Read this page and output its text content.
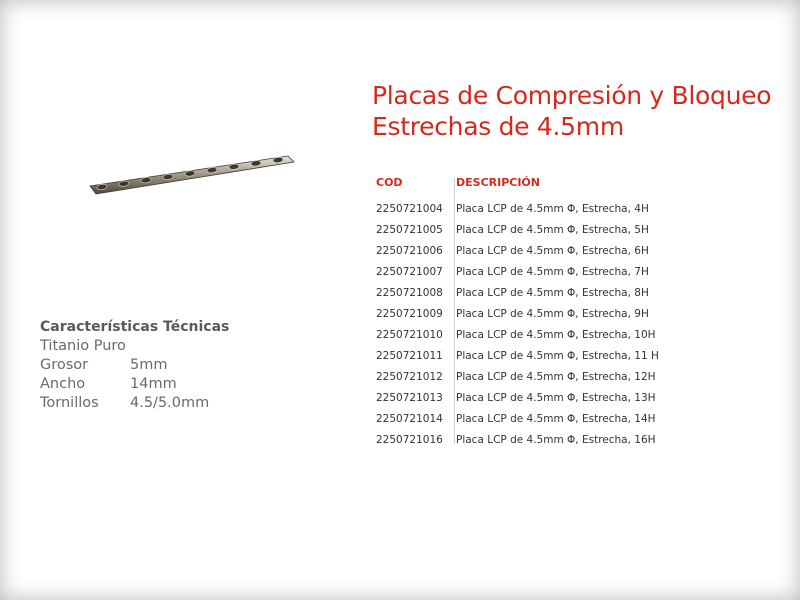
Placas de Compresión y Bloqueo
Estrechas de 4.5mm
Características Técnicas
Titanio Puro
Grosor	5mm
Ancho	14mm
Tornillos	4.5/5.0mm
COD	DESCRIPCIÓN
2250721004	Placa LCP de 4.5mm Φ, Estrecha, 4H
2250721005	Placa LCP de 4.5mm Φ, Estrecha, 5H
2250721006	Placa LCP de 4.5mm Φ, Estrecha, 6H
2250721007	Placa LCP de 4.5mm Φ, Estrecha, 7H
2250721008	Placa LCP de 4.5mm Φ, Estrecha, 8H
2250721009	Placa LCP de 4.5mm Φ, Estrecha, 9H
2250721010	Placa LCP de 4.5mm Φ, Estrecha, 10H
2250721011	Placa LCP de 4.5mm Φ, Estrecha, 11 H
2250721012	Placa LCP de 4.5mm Φ, Estrecha, 12H
2250721013	Placa LCP de 4.5mm Φ, Estrecha, 13H
2250721014	Placa LCP de 4.5mm Φ, Estrecha, 14H
2250721016	Placa LCP de 4.5mm Φ, Estrecha, 16H
